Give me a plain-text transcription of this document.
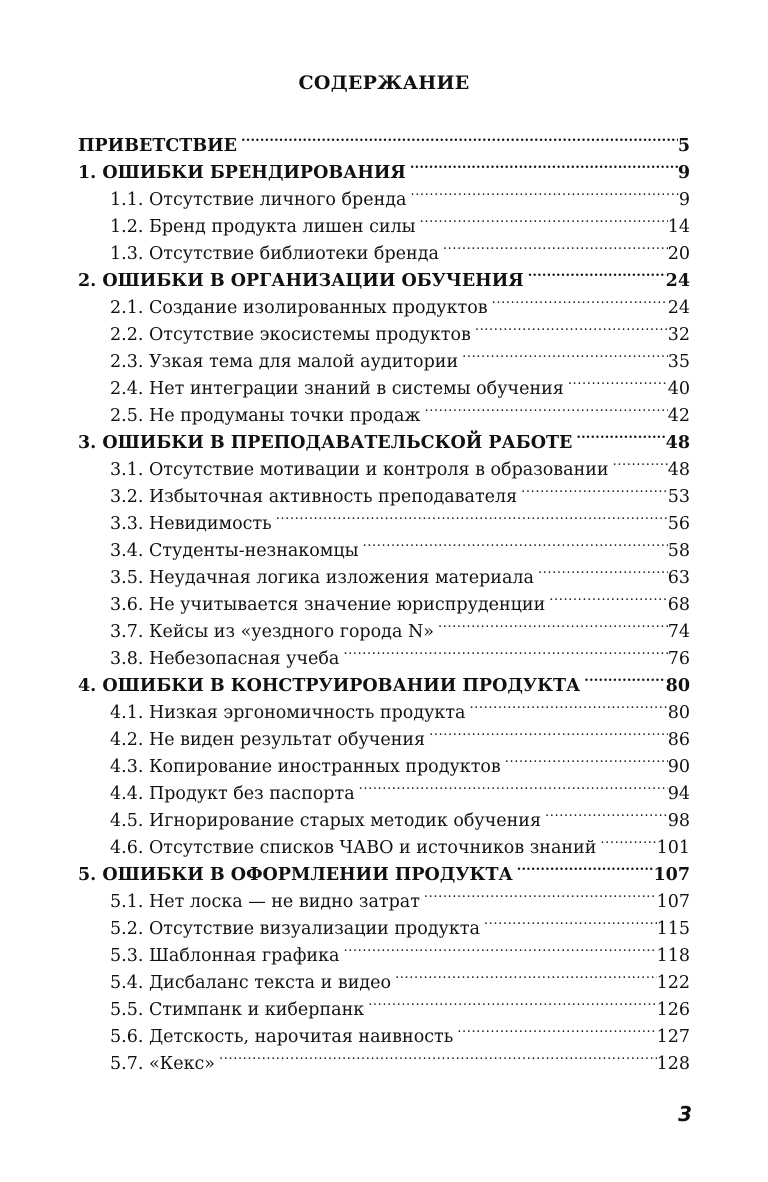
СОДЕРЖАНИЕ
ПРИВЕТСТВИЕ .....	5
1. ОШИБКИ БРЕНДИРОВАНИЯ .....	9
1.1. Отсутствие личного бренда .....	9
1.2. Бренд продукта лишен силы .....	14
1.3. Отсутствие библиотеки бренда .....	20
2. ОШИБКИ В ОРГАНИЗАЦИИ ОБУЧЕНИЯ .....	24
2.1. Создание изолированных продуктов .....	24
2.2. Отсутствие экосистемы продуктов .....	32
2.3. Узкая тема для малой аудитории .....	35
2.4. Нет интеграции знаний в системы обучения .....	40
2.5. Не продуманы точки продаж .....	42
3. ОШИБКИ В ПРЕПОДАВАТЕЛЬСКОЙ РАБОТЕ .....	48
3.1. Отсутствие мотивации и контроля в образовании .....	48
3.2. Избыточная активность преподавателя .....	53
3.3. Невидимость .....	56
3.4. Студенты-незнакомцы .....	58
3.5. Неудачная логика изложения материала .....	63
3.6. Не учитывается значение юриспруденции .....	68
3.7. Кейсы из «уездного города N» .....	74
3.8. Небезопасная учеба .....	76
4. ОШИБКИ В КОНСТРУИРОВАНИИ ПРОДУКТА .....	80
4.1. Низкая эргономичность продукта .....	80
4.2. Не виден результат обучения .....	86
4.3. Копирование иностранных продуктов .....	90
4.4. Продукт без паспорта .....	94
4.5. Игнорирование старых методик обучения .....	98
4.6. Отсутствие списков ЧАВО и источников знаний .....	101
5. ОШИБКИ В ОФОРМЛЕНИИ ПРОДУКТА .....	107
5.1. Нет лоска — не видно затрат .....	107
5.2. Отсутствие визуализации продукта .....	115
5.3. Шаблонная графика .....	118
5.4. Дисбаланс текста и видео .....	122
5.5. Стимпанк и киберпанк .....	126
5.6. Детскость, нарочитая наивность .....	127
5.7. «Кекс» .....	128
3
